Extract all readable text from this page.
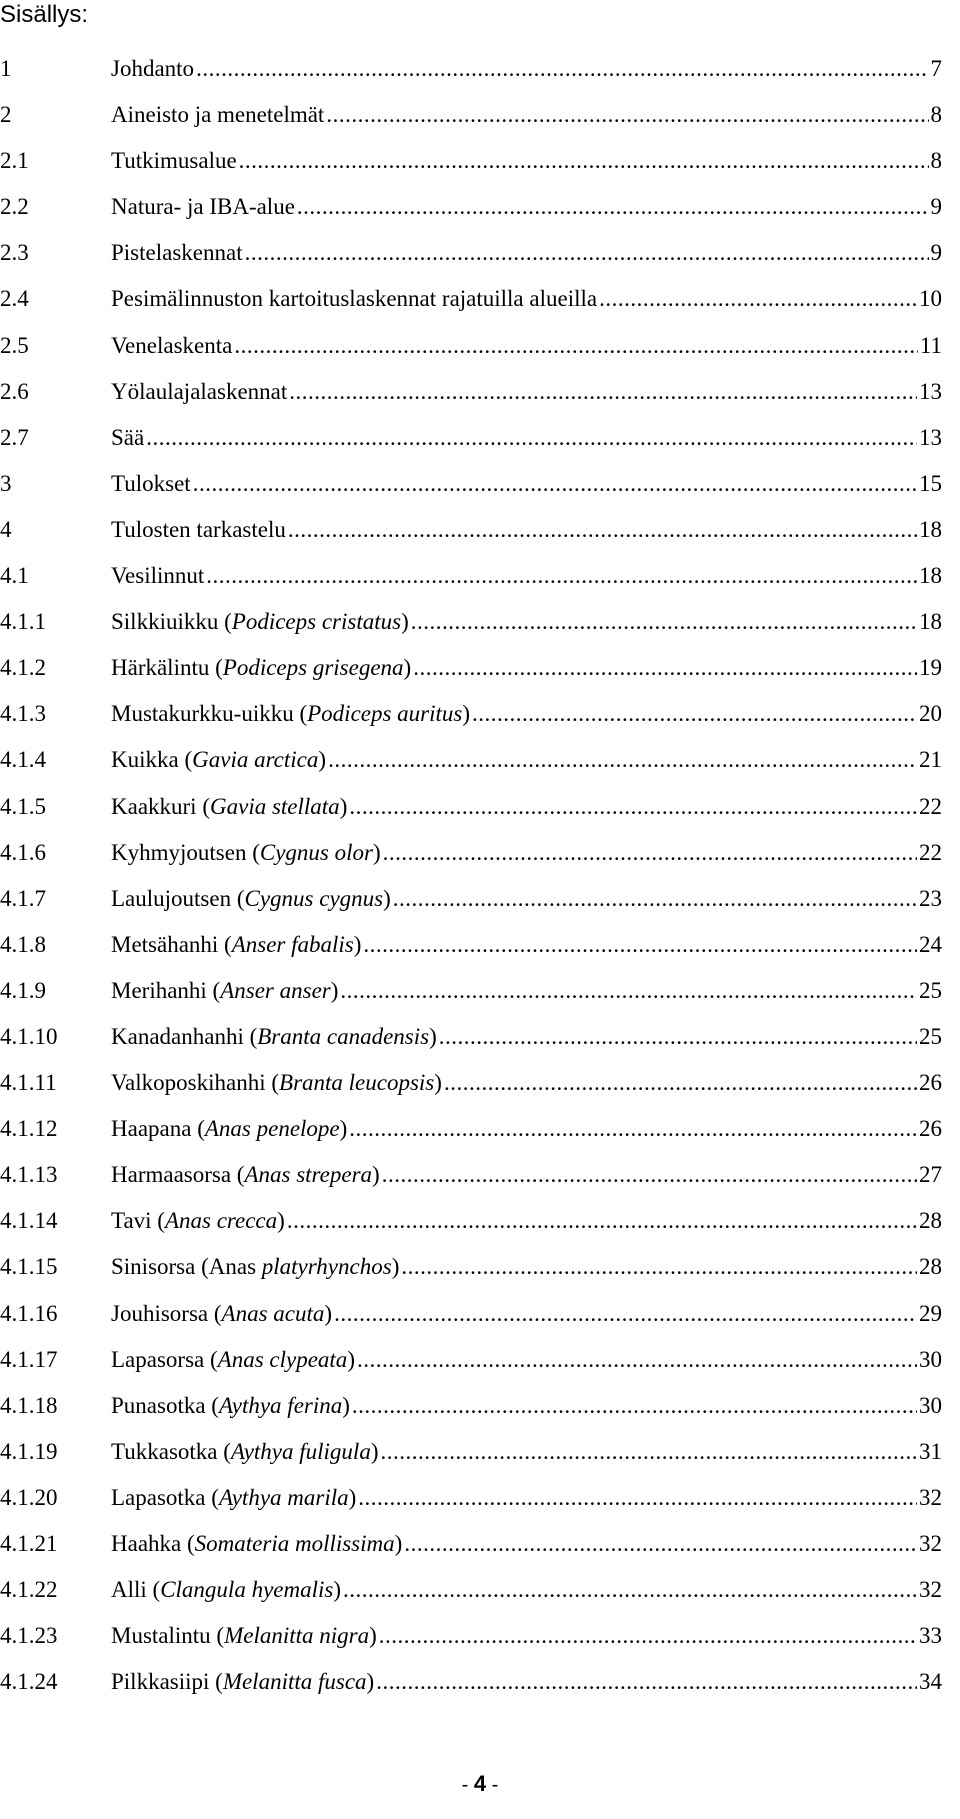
Sisällys:
1	Johdanto .....	7
2	Aineisto ja menetelmät .....	8
2.1	Tutkimusalue .....	8
2.2	Natura- ja IBA-alue .....	9
2.3	Pistelaskennat .....	9
2.4	Pesimälinnuston kartoituslaskennat rajatuilla alueilla .....	10
2.5	Venelaskenta .....	11
2.6	Yölaulajalaskennat .....	13
2.7	Sää .....	13
3	Tulokset .....	15
4	Tulosten tarkastelu .....	18
4.1	Vesilinnut .....	18
4.1.1	Silkkiuikku (Podiceps cristatus) .....	18
4.1.2	Härkälintu (Podiceps grisegena) .....	19
4.1.3	Mustakurkku-uikku (Podiceps auritus) .....	20
4.1.4	Kuikka (Gavia arctica) .....	21
4.1.5	Kaakkuri (Gavia stellata) .....	22
4.1.6	Kyhmyjoutsen (Cygnus olor) .....	22
4.1.7	Laulujoutsen (Cygnus cygnus) .....	23
4.1.8	Metsähanhi (Anser fabalis) .....	24
4.1.9	Merihanhi (Anser anser) .....	25
4.1.10	Kanadanhanhi (Branta canadensis) .....	25
4.1.11	Valkoposkihanhi (Branta leucopsis) .....	26
4.1.12	Haapana (Anas penelope) .....	26
4.1.13	Harmaasorsa (Anas strepera) .....	27
4.1.14	Tavi (Anas crecca) .....	28
4.1.15	Sinisorsa (Anas platyrhynchos) .....	28
4.1.16	Jouhisorsa (Anas acuta) .....	29
4.1.17	Lapasorsa (Anas clypeata) .....	30
4.1.18	Punasotka (Aythya ferina) .....	30
4.1.19	Tukkasotka (Aythya fuligula) .....	31
4.1.20	Lapasotka (Aythya marila) .....	32
4.1.21	Haahka (Somateria mollissima) .....	32
4.1.22	Alli (Clangula hyemalis) .....	32
4.1.23	Mustalintu (Melanitta nigra) .....	33
4.1.24	Pilkkasiipi (Melanitta fusca) .....	34
- 4 -
